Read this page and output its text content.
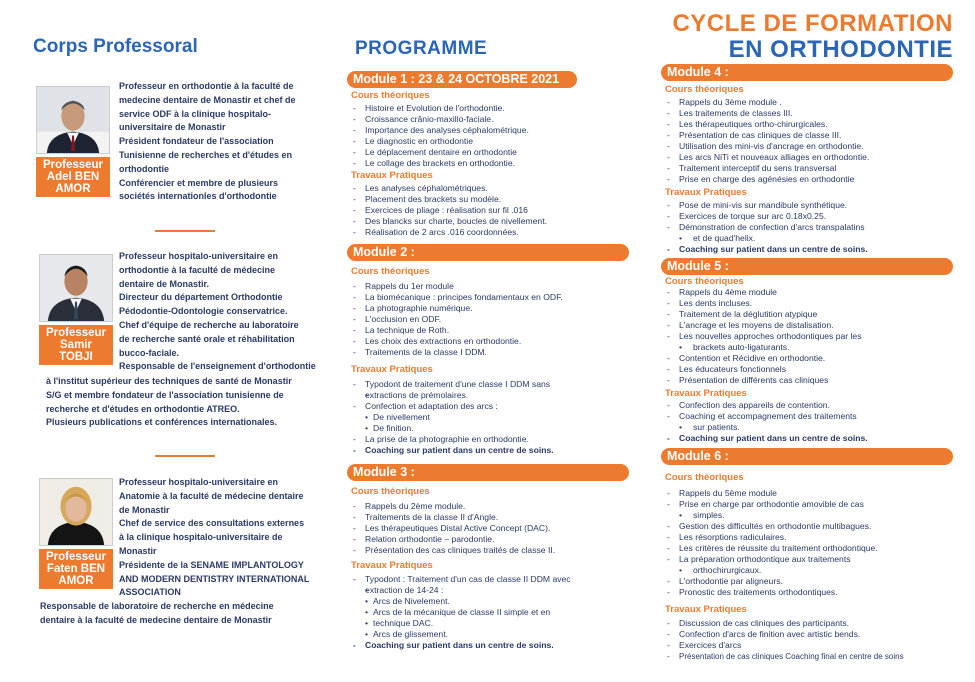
Corps Professoral
Professeur
Adel BEN
AMOR

Professeur en orthodontie à la faculté de

medecine dentaire de Monastir et chef de

service ODF à la clinique hospitalo-

universitaire de Monastir

Président fondateur de l'association

Tunisienne de recherches et d'études en

orthodontie

Conférencier et membre de plusieurs

sociétés internationles d'orthodontie

Professeur
Samir
TOBJI

Professeur hospitalo-universitaire en

orthodontie à la faculté de médecine

dentaire de Monastir.

Directeur du département Orthodontie

Pédodontie-Odontologie conservatrice.

Chef d'équipe de recherche au laboratoire

de recherche santé orale et réhabilitation

bucco-faciale.

Responsable de l'enseignement d'orthodontie

à l'institut supérieur des techniques de santé de Monastir

S/G et membre fondateur de l'association tunisienne de

recherche et d'études en orthodontie ATREO.

Plusieurs publications et conférences internationales.

Professeur
Faten BEN
AMOR

Professeur hospitalo-universitaire en

Anatomie à la faculté de médecine dentaire

de Monastir

Chef de service des consultations externes

à la clinique hospitalo-universitaire de

Monastir

Présidente de la SENAME IMPLANTOLOGY

AND MODERN DENTISTRY INTERNATIONAL

ASSOCIATION

Responsable de laboratoire de recherche en médecine

dentaire à la faculté de medecine dentaire de Monastir

PROGRAMME
Module 1 : 23 & 24 OCTOBRE 2021
Cours théoriques
- Histoire et Evolution de l'orthodontie.
- Croissance crânio-maxillo-faciale.
- Importance des analyses céphalométrique.
- Le diagnostic en orthodontie
- Le déplacement dentaire en orthodontie
- Le collage des brackets en orthodontie.
Travaux Pratiques
- Les analyses céphalométriques.
- Placement des brackets su modèle.
- Exercices de pliage : réalisation sur fil .016
- Des blancks sur charte, boucles de nivellement.
- Réalisation de 2 arcs .016 coordonnées.
Module 2 :
Cours théoriques
- Rappels du 1er module
- La biomécanique : principes fondamentaux en ODF.
- La photographie numérique.
- L'occlusion en ODF.
- La technique de Roth.
- Les choix des extractions en orthodontie.
- Traitements de la classe I DDM.
Travaux Pratiques
- Typodont de traitement d'une classe I DDM sans
• extractions de prémolaires.
- Confection et adaptation des arcs :
• De nivellement
• De finition.
- La prise de la photographie en orthodontie.
- Coaching sur patient dans un centre de soins.
Module 3 :
Cours théoriques
- Rappels du 2ème module.
- Traitements de la classe II d'Angle.
- Les thérapeutiques Distal Active Concept (DAC).
- Relation orthodontie – parodontie.
- Présentation des cas cliniques traités de classe II.
Travaux Pratiques
- Typodont : Traitement d'un cas de classe II DDM avec
• extraction de 14-24 :
• Arcs de Nivelement.
• Arcs de la mécanique de classe II simple et en
• technique DAC.
• Arcs de glissement.
- Coaching sur patient dans un centre de soins.
CYCLE DE FORMATION
EN ORTHODONTIE
Module 4 :
Cours théoriques
- Rappels du 3ème module .
- Les traitements de classes III.
- Les thérapeutiques ortho-chirurgicales.
- Présentation de cas cliniques de classe III.
- Utilisation des mini-vis d'ancrage en orthodontie.
- Les arcs NiTi et nouveaux alliages en orthodontie.
- Traitement interceptif du sens transversal
- Prise en charge des agénésies en orthodontie
Travaux Pratiques
- Pose de mini-vis sur mandibule synthétique.
- Exercices de torque sur arc 0.18x0.25.
- Démonstration de confection d'arcs transpalatins
• et de quad'helix.
- Coaching sur patient dans un centre de soins.
Module 5 :
Cours théoriques
- Rappels du 4ème module
- Les dents incluses.
- Traitement de la déglutition atypique
- L'ancrage et les moyens de distalisation.
- Les nouvelles approches orthodontiques par les
• brackets auto-ligaturants.
- Contention et Récidive en orthodontie.
- Les éducateurs fonctionnels
- Présentation de différents cas cliniques
Travaux Pratiques
- Confection des appareils de contention.
- Coaching et accompagnement des traitements
• sur patients.
- Coaching sur patient dans un centre de soins.
Module 6 :
Cours théoriques
- Rappels du 5ème module
- Prise en charge par orthodontie amovible de cas
• simples.
- Gestion des difficultés en orthodontie multibagues.
- Les résorptions radiculaires.
- Les critères de réussite du traitement orthodontique.
- La préparation orthodontique aux traitements
• orthochirurgicaux.
- L'orthodontie par aligneurs.
- Pronostic des traitements orthodontiques.
Travaux Pratiques
- Discussion de cas cliniques des participants.
- Confection d'arcs de finition avec artistic bends.
- Exercices d'arcs
- Présentation de cas cliniques Coaching final en centre de soins
